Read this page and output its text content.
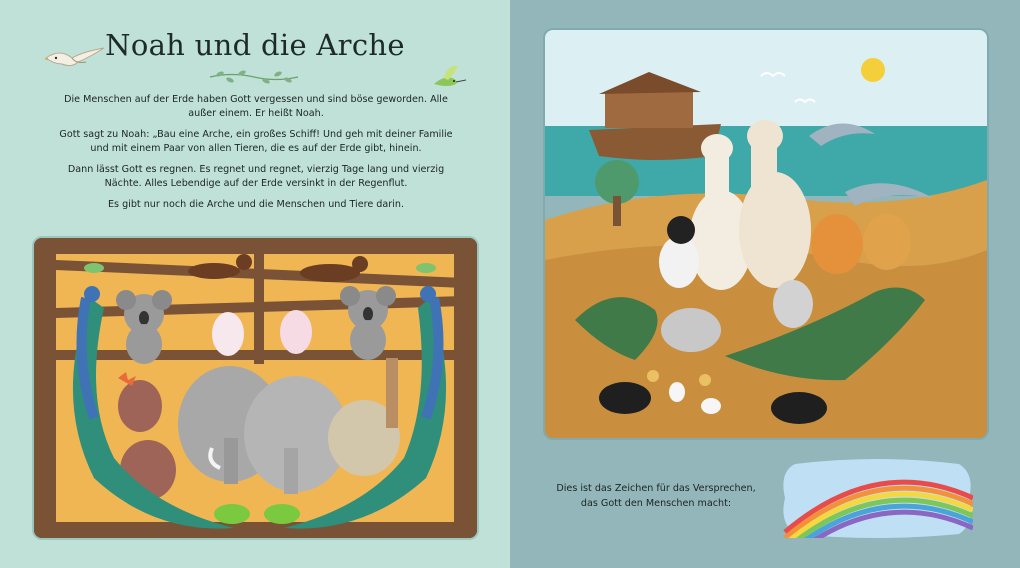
Noah und die Arche

Die Menschen auf der Erde haben Gott vergessen und sind böse geworden. Alle außer einem. Er heißt Noah.

Gott sagt zu Noah: „Bau eine Arche, ein großes Schiff! Und geh mit deiner Familie und mit einem Paar von allen Tieren, die es auf der Erde gibt, hinein.

Dann lässt Gott es regnen. Es regnet und regnet, vierzig Tage lang und vierzig Nächte. Alles Lebendige auf der Erde versinkt in der Regenflut.

Es gibt nur noch die Arche und die Menschen und Tiere darin.

Dies ist das Zeichen für das Versprechen,
das Gott den Menschen macht:
